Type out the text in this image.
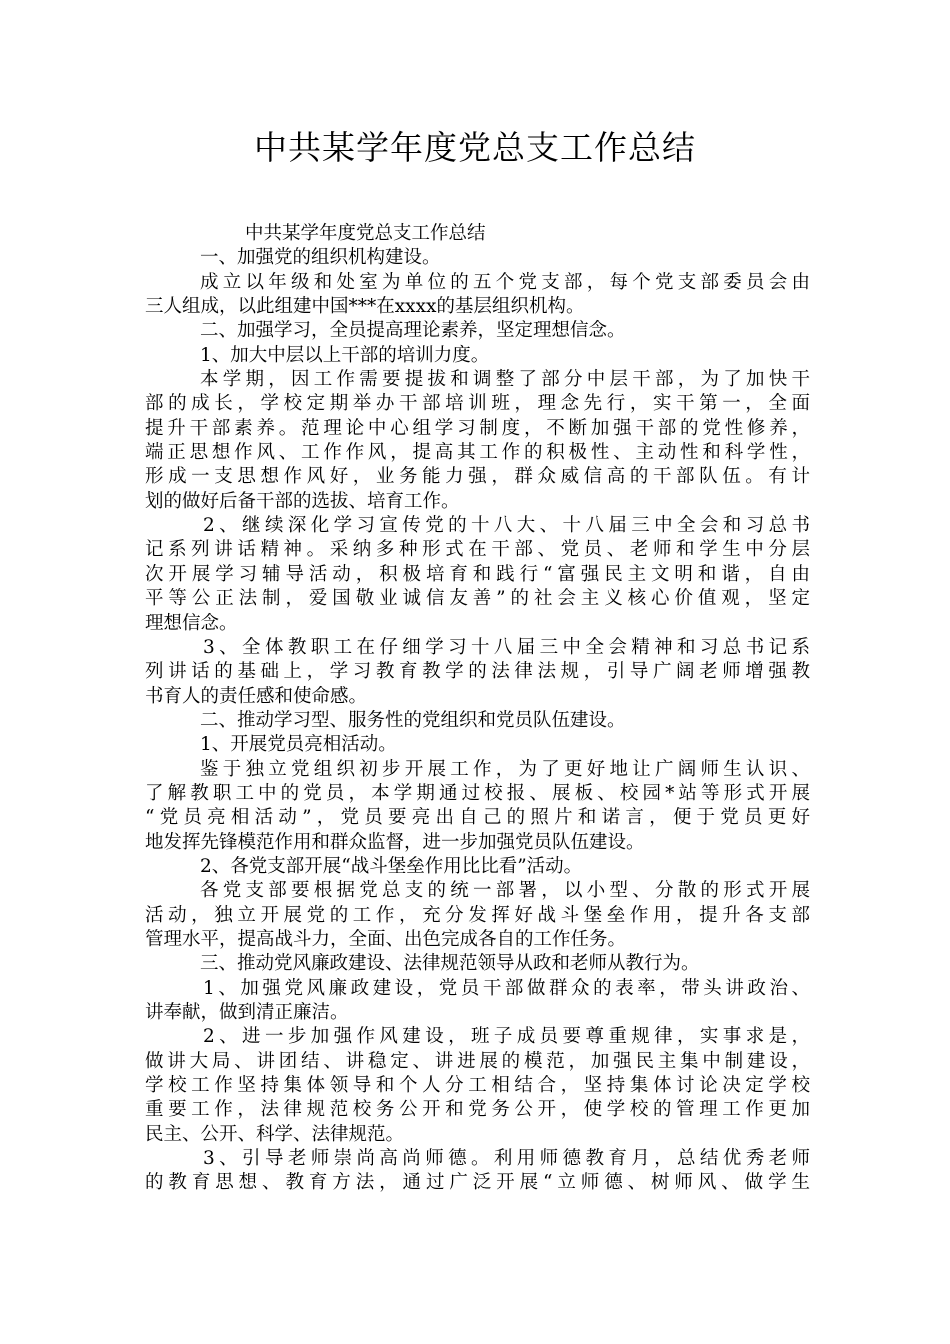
中共某学年度党总支工作总结
中共某学年度党总支工作总结
一、加强党的组织机构建设。
成立以年级和处室为单位的五个党支部，每个党支部委员会由
三人组成，以此组建中国***在xxxx的基层组织机构。
二、加强学习，全员提高理论素养，坚定理想信念。
1、加大中层以上干部的培训力度。
本学期，因工作需要提拔和调整了部分中层干部，为了加快干
部的成长，学校定期举办干部培训班，理念先行，实干第一，全面
提升干部素养。范理论中心组学习制度，不断加强干部的党性修养，
端正思想作风、工作作风，提高其工作的积极性、主动性和科学性，
形成一支思想作风好，业务能力强，群众威信高的干部队伍。有计
划的做好后备干部的选拔、培育工作。
2、继续深化学习宣传党的十八大、十八届三中全会和习总书
记系列讲话精神。采纳多种形式在干部、党员、老师和学生中分层
次开展学习辅导活动，积极培育和践行“富强民主文明和谐，自由
平等公正法制，爱国敬业诚信友善”的社会主义核心价值观，坚定
理想信念。
3、全体教职工在仔细学习十八届三中全会精神和习总书记系
列讲话的基础上，学习教育教学的法律法规，引导广阔老师增强教
书育人的责任感和使命感。
二、推动学习型、服务性的党组织和党员队伍建设。
1、开展党员亮相活动。
鉴于独立党组织初步开展工作，为了更好地让广阔师生认识、
了解教职工中的党员，本学期通过校报、展板、校园*站等形式开展
“党员亮相活动”，党员要亮出自己的照片和诺言，便于党员更好
地发挥先锋模范作用和群众监督，进一步加强党员队伍建设。
2、各党支部开展“战斗堡垒作用比比看”活动。
各党支部要根据党总支的统一部署，以小型、分散的形式开展
活动，独立开展党的工作，充分发挥好战斗堡垒作用，提升各支部
管理水平，提高战斗力，全面、出色完成各自的工作任务。
三、推动党风廉政建设、法律规范领导从政和老师从教行为。
1、加强党风廉政建设，党员干部做群众的表率，带头讲政治、
讲奉献，做到清正廉洁。
2、进一步加强作风建设，班子成员要尊重规律，实事求是，
做讲大局、讲团结、讲稳定、讲进展的模范，加强民主集中制建设，
学校工作坚持集体领导和个人分工相结合，坚持集体讨论决定学校
重要工作，法律规范校务公开和党务公开，使学校的管理工作更加
民主、公开、科学、法律规范。
3、引导老师崇尚高尚师德。利用师德教育月，总结优秀老师
的教育思想、教育方法，通过广泛开展“立师德、树师风、做学生
